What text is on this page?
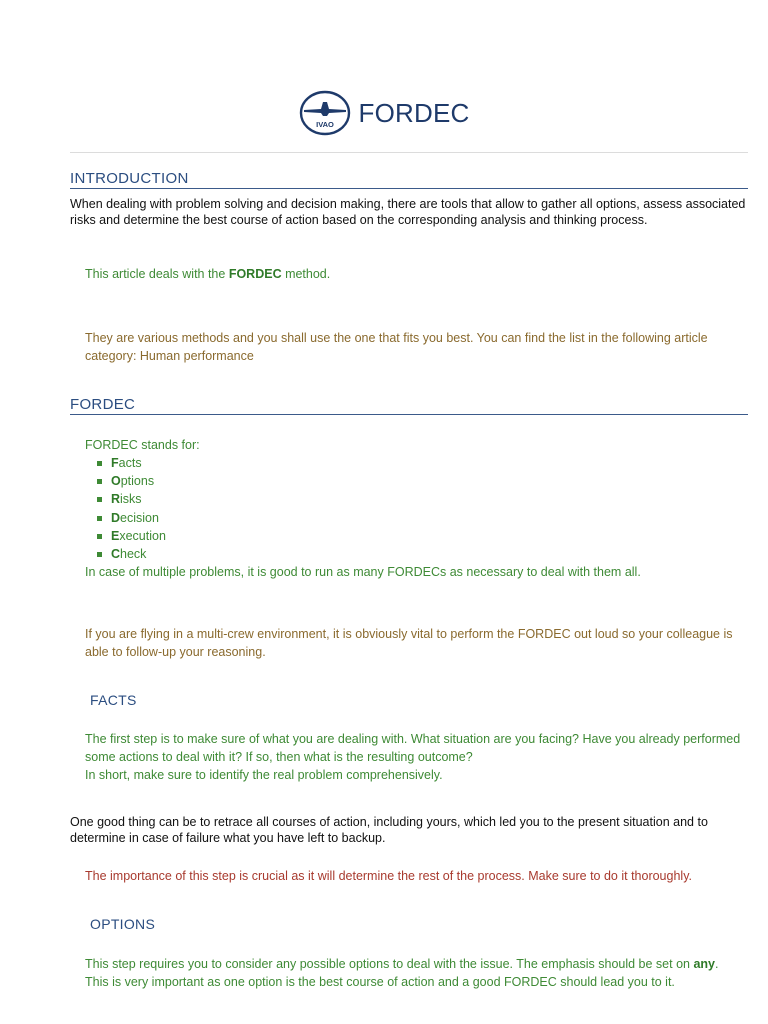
IVAO FORDEC
INTRODUCTION
When dealing with problem solving and decision making, there are tools that allow to gather all options, assess associated risks and determine the best course of action based on the corresponding analysis and thinking process.
This article deals with the FORDEC method.
They are various methods and you shall use the one that fits you best. You can find the list in the following article category: Human performance
FORDEC
FORDEC stands for:
Facts
Options
Risks
Decision
Execution
Check
In case of multiple problems, it is good to run as many FORDECs as necessary to deal with them all.
If you are flying in a multi-crew environment, it is obviously vital to perform the FORDEC out loud so your colleague is able to follow-up your reasoning.
FACTS
The first step is to make sure of what you are dealing with. What situation are you facing? Have you already performed some actions to deal with it? If so, then what is the resulting outcome?
In short, make sure to identify the real problem comprehensively.
One good thing can be to retrace all courses of action, including yours, which led you to the present situation and to determine in case of failure what you have left to backup.
The importance of this step is crucial as it will determine the rest of the process. Make sure to do it thoroughly.
OPTIONS
This step requires you to consider any possible options to deal with the issue. The emphasis should be set on any. This is very important as one option is the best course of action and a good FORDEC should lead you to it.
